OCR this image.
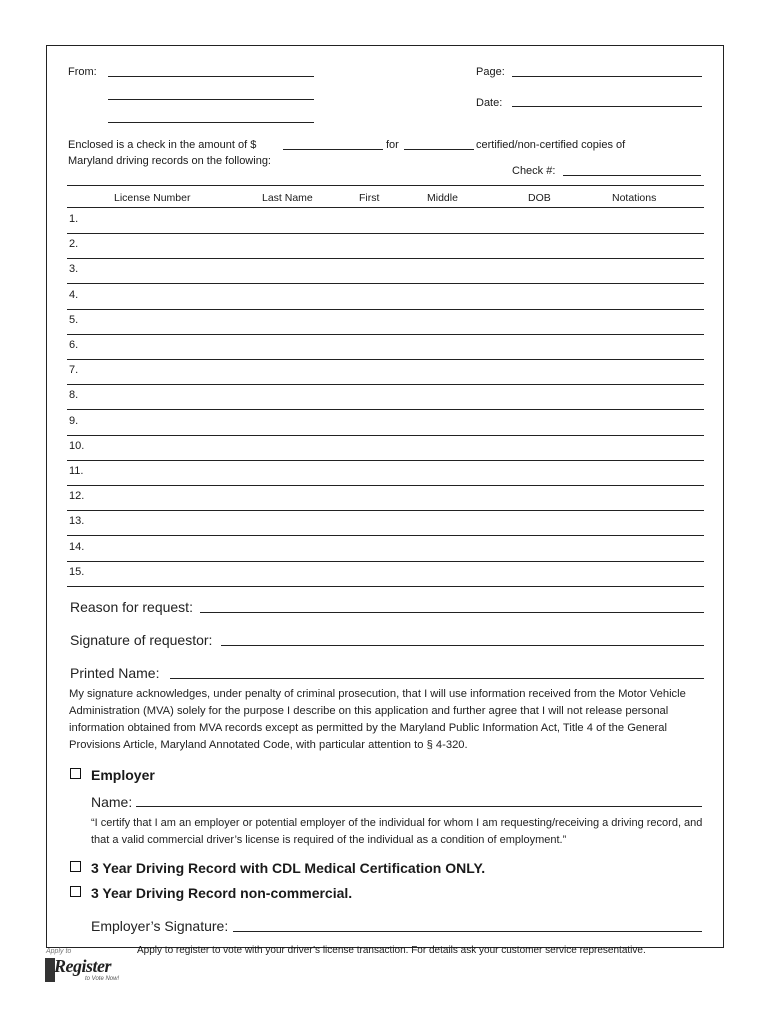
From:	Page:
Date:
Enclosed is a check in the amount of $	for	certified/non-certified copies of
Maryland driving records on the following:
Check #:
License Number	Last Name	First	Middle	DOB	Notations
1.
2.
3.
4.
5.
6.
7.
8.
9.
10.
11.
12.
13.
14.
15.
Reason for request:
Signature of requestor:
Printed Name:
My signature acknowledges, under penalty of criminal prosecution, that I will use information received from the Motor Vehicle Administration (MVA) solely for the purpose I describe on this application and further agree that I will not release personal information obtained from MVA records except as permitted by the Maryland Public Information Act, Title 4 of the General Provisions Article, Maryland Annotated Code, with particular attention to § 4-320.
Employer
Name:
“I certify that I am an employer or potential employer of the individual for whom I am requesting/receiving a driving record, and that a valid commercial driver’s license is required of the individual as a condition of employment.”
3 Year Driving Record with CDL Medical Certification ONLY.
3 Year Driving Record non-commercial.
Employer’s Signature:
Apply to
Register
to Vote Now!
Apply to register to vote with your driver’s license transaction. For details ask your customer service representative.
